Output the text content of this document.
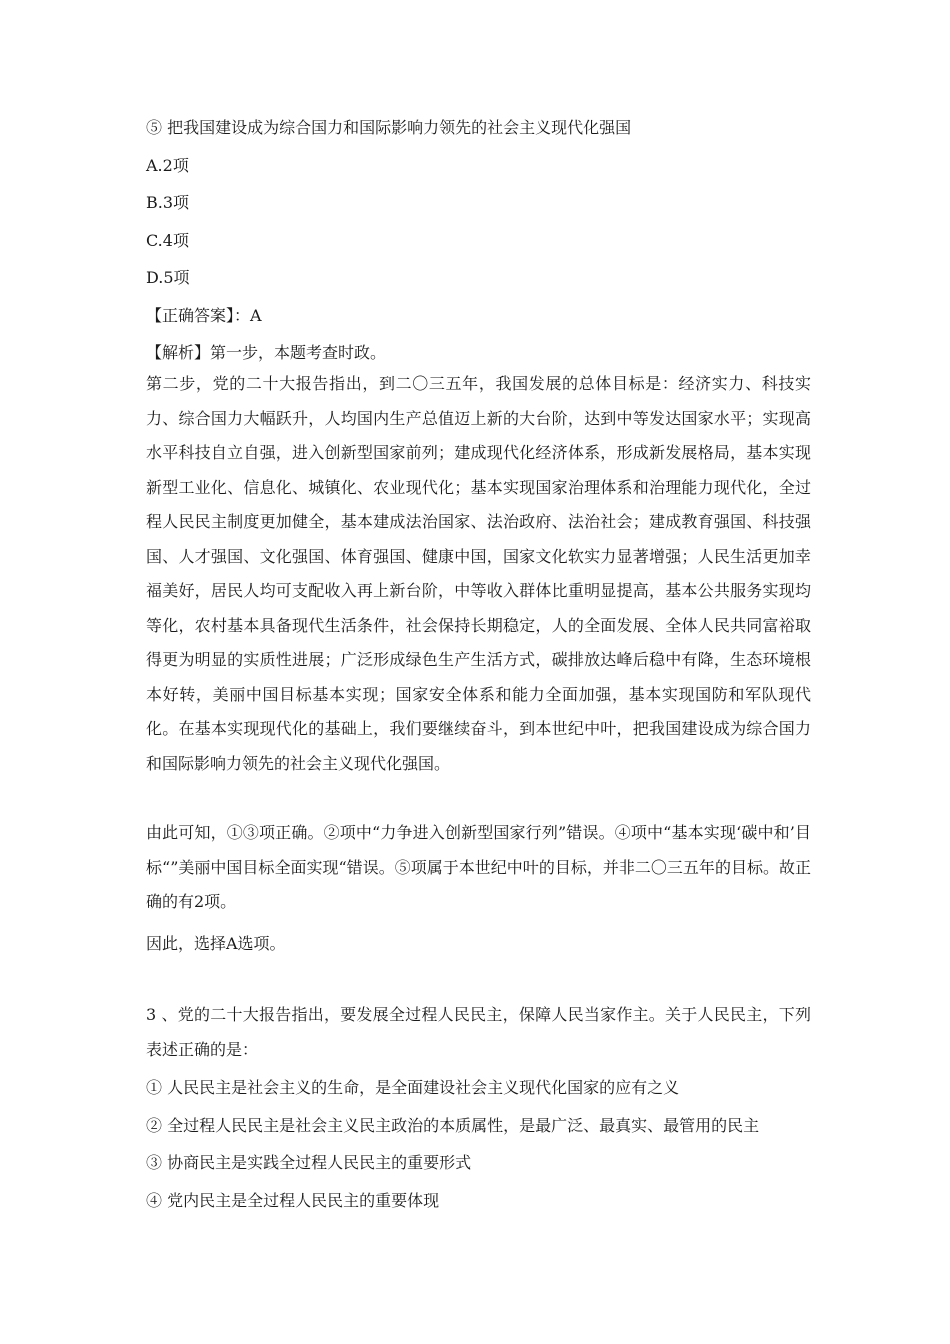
⑤ 把我国建设成为综合国力和国际影响力领先的社会主义现代化强国
A.2项
B.3项
C.4项
D.5项
【正确答案】：A
【解析】第一步，本题考查时政。
第二步，党的二十大报告指出，到二〇三五年，我国发展的总体目标是：经济实力、科技实力、综合国力大幅跃升，人均国内生产总值迈上新的大台阶，达到中等发达国家水平；实现高水平科技自立自强，进入创新型国家前列；建成现代化经济体系，形成新发展格局，基本实现新型工业化、信息化、城镇化、农业现代化；基本实现国家治理体系和治理能力现代化，全过程人民民主制度更加健全，基本建成法治国家、法治政府、法治社会；建成教育强国、科技强国、人才强国、文化强国、体育强国、健康中国，国家文化软实力显著增强；人民生活更加幸福美好，居民人均可支配收入再上新台阶，中等收入群体比重明显提高，基本公共服务实现均等化，农村基本具备现代生活条件，社会保持长期稳定，人的全面发展、全体人民共同富裕取得更为明显的实质性进展；广泛形成绿色生产生活方式，碳排放达峰后稳中有降，生态环境根本好转，美丽中国目标基本实现；国家安全体系和能力全面加强，基本实现国防和军队现代化。在基本实现现代化的基础上，我们要继续奋斗，到本世纪中叶，把我国建设成为综合国力和国际影响力领先的社会主义现代化强国。
由此可知，①③项正确。②项中“力争进入创新型国家行列”错误。④项中“基本实现‘碳中和’目标“”美丽中国目标全面实现“错误。⑤项属于本世纪中叶的目标，并非二〇三五年的目标。故正确的有2项。
因此，选择A选项。
3 、党的二十大报告指出，要发展全过程人民民主，保障人民当家作主。关于人民民主，下列表述正确的是：
① 人民民主是社会主义的生命，是全面建设社会主义现代化国家的应有之义
② 全过程人民民主是社会主义民主政治的本质属性，是最广泛、最真实、最管用的民主
③ 协商民主是实践全过程人民民主的重要形式
④ 党内民主是全过程人民民主的重要体现
